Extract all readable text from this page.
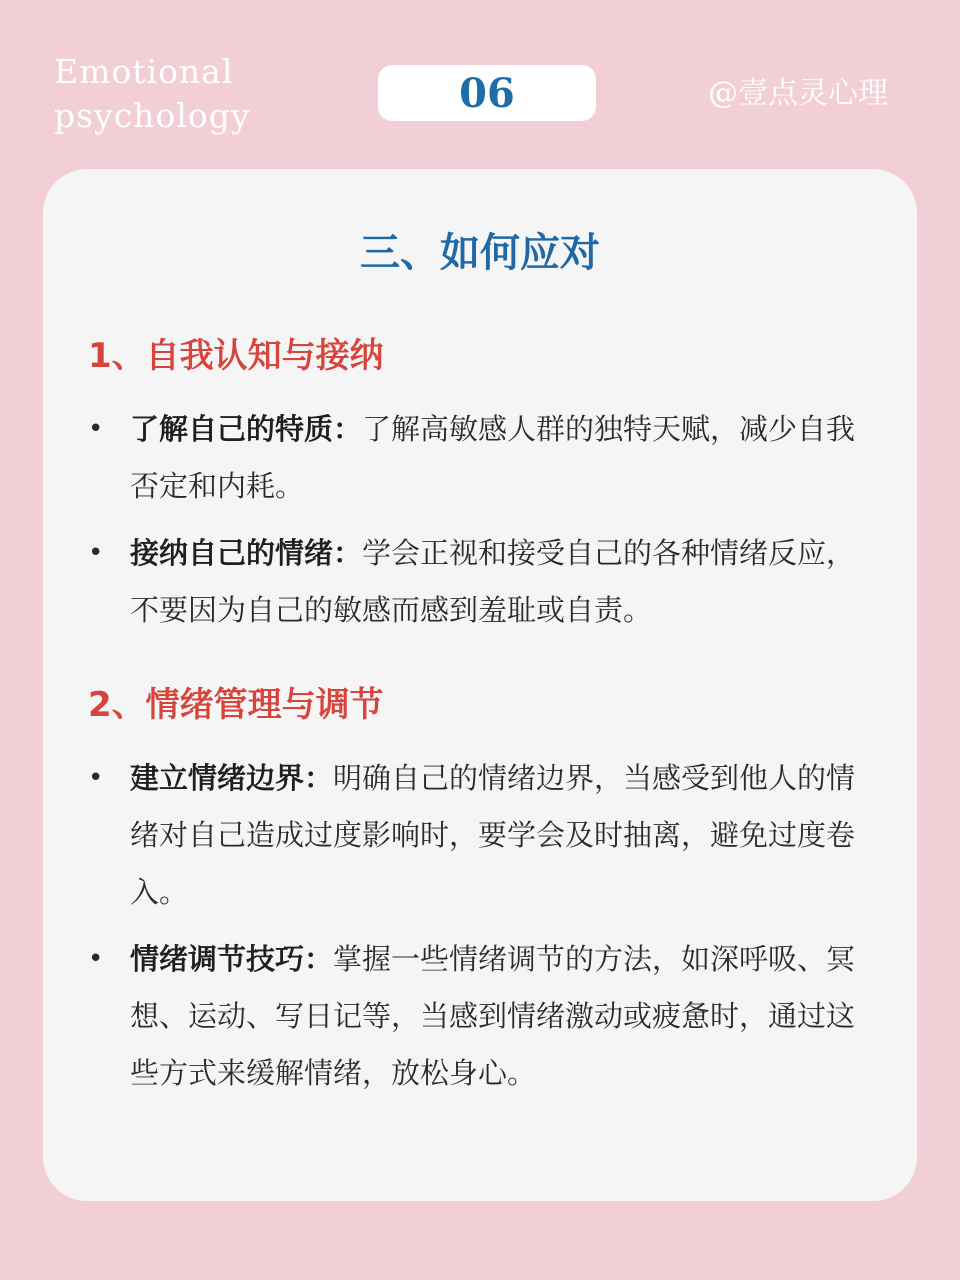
Emotional
psychology	06	@壹点灵心理
三、如何应对
1、自我认知与接纳
• 了解自己的特质：了解高敏感人群的独特天赋，减少自我否定和内耗。
• 接纳自己的情绪：学会正视和接受自己的各种情绪反应，不要因为自己的敏感而感到羞耻或自责。
2、情绪管理与调节
• 建立情绪边界：明确自己的情绪边界，当感受到他人的情绪对自己造成过度影响时，要学会及时抽离，避免过度卷入。
• 情绪调节技巧：掌握一些情绪调节的方法，如深呼吸、冥想、运动、写日记等，当感到情绪激动或疲惫时，通过这些方式来缓解情绪，放松身心。
